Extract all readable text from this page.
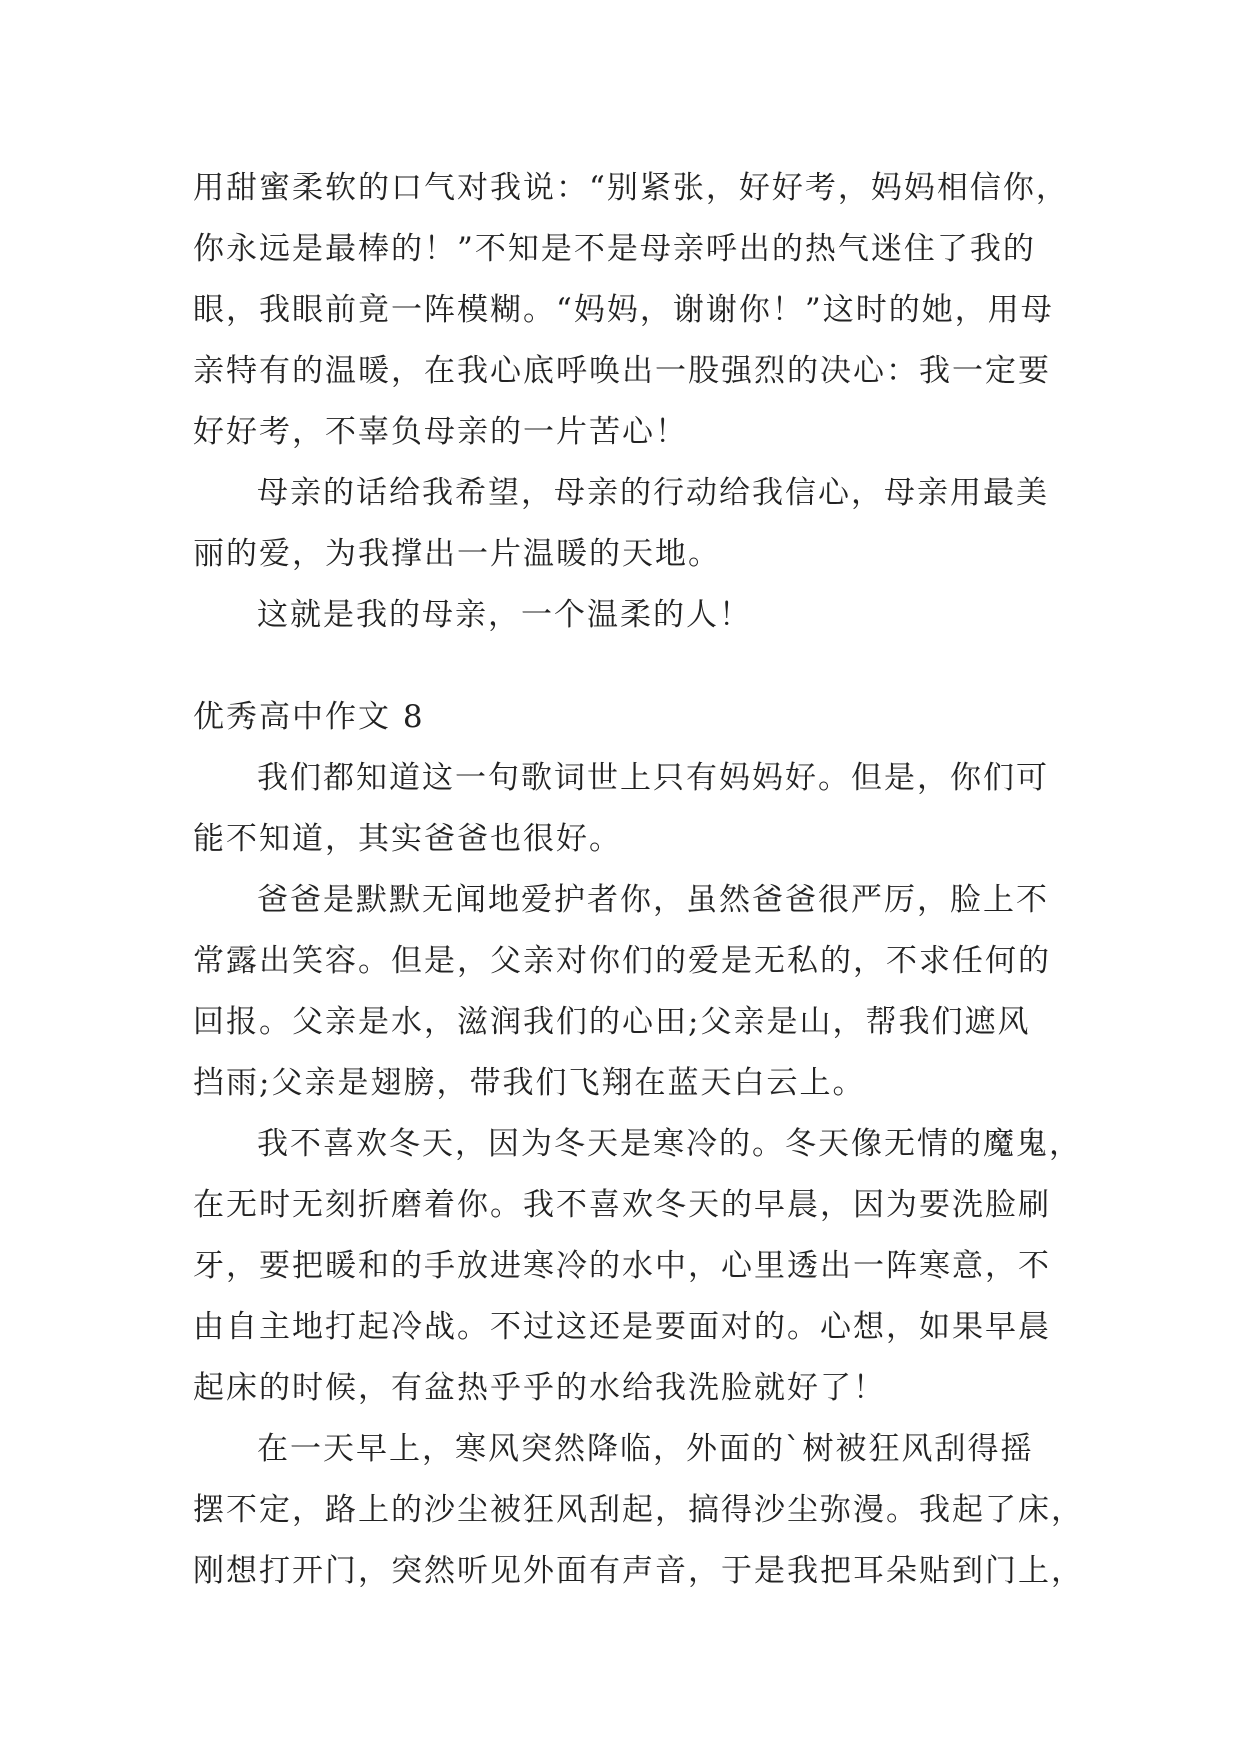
用甜蜜柔软的口气对我说：“别紧张，好好考，妈妈相信你，

你永远是最棒的！”不知是不是母亲呼出的热气迷住了我的

眼，我眼前竟一阵模糊。“妈妈，谢谢你！”这时的她，用母

亲特有的温暖，在我心底呼唤出一股强烈的决心：我一定要

好好考，不辜负母亲的一片苦心！

母亲的话给我希望，母亲的行动给我信心，母亲用最美

丽的爱，为我撑出一片温暖的天地。

这就是我的母亲，一个温柔的人！

优秀高中作文 8

我们都知道这一句歌词世上只有妈妈好。但是，你们可

能不知道，其实爸爸也很好。

爸爸是默默无闻地爱护者你，虽然爸爸很严厉，脸上不

常露出笑容。但是，父亲对你们的爱是无私的，不求任何的

回报。父亲是水，滋润我们的心田;父亲是山，帮我们遮风

挡雨;父亲是翅膀，带我们飞翔在蓝天白云上。

我不喜欢冬天，因为冬天是寒冷的。冬天像无情的魔鬼，

在无时无刻折磨着你。我不喜欢冬天的早晨，因为要洗脸刷

牙，要把暖和的手放进寒冷的水中，心里透出一阵寒意，不

由自主地打起冷战。不过这还是要面对的。心想，如果早晨

起床的时候，有盆热乎乎的水给我洗脸就好了！

在一天早上，寒风突然降临，外面的`树被狂风刮得摇

摆不定，路上的沙尘被狂风刮起，搞得沙尘弥漫。我起了床，

刚想打开门，突然听见外面有声音，于是我把耳朵贴到门上，
